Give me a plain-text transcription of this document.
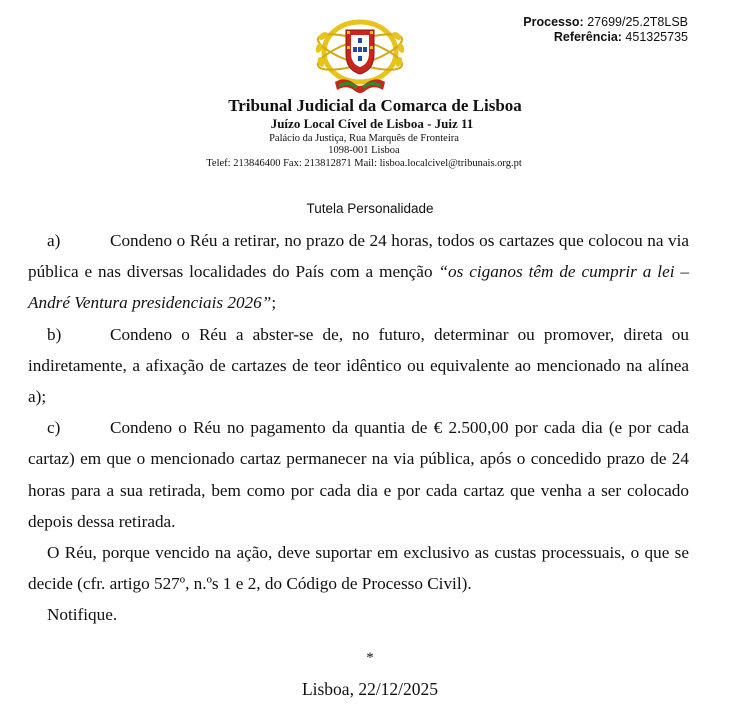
Processo: 27699/25.2T8LSB
Referência: 451325735
Tribunal Judicial da Comarca de Lisboa
Juízo Local Cível de Lisboa - Juiz 11
Palácio da Justiça, Rua Marquês de Fronteira
1098-001 Lisboa
Telef: 213846400 Fax: 213812871 Mail: lisboa.localcivel@tribunais.org.pt
Tutela Personalidade

a)	Condeno o Réu a retirar, no prazo de 24 horas, todos os cartazes que colocou na via pública e nas diversas localidades do País com a menção “os ciganos têm de cumprir a lei – André Ventura presidenciais 2026”;

b)	Condeno o Réu a abster-se de, no futuro, determinar ou promover, direta ou indiretamente, a afixação de cartazes de teor idêntico ou equivalente ao mencionado na alínea a);

c)	Condeno o Réu no pagamento da quantia de € 2.500,00 por cada dia (e por cada cartaz) em que o mencionado cartaz permanecer na via pública, após o concedido prazo de 24 horas para a sua retirada, bem como por cada dia e por cada cartaz que venha a ser colocado depois dessa retirada.

O Réu, porque vencido na ação, deve suportar em exclusivo as custas processuais, o que se decide (cfr. artigo 527º, n.ºs 1 e 2, do Código de Processo Civil).

Notifique.

*
Lisboa, 22/12/2025
